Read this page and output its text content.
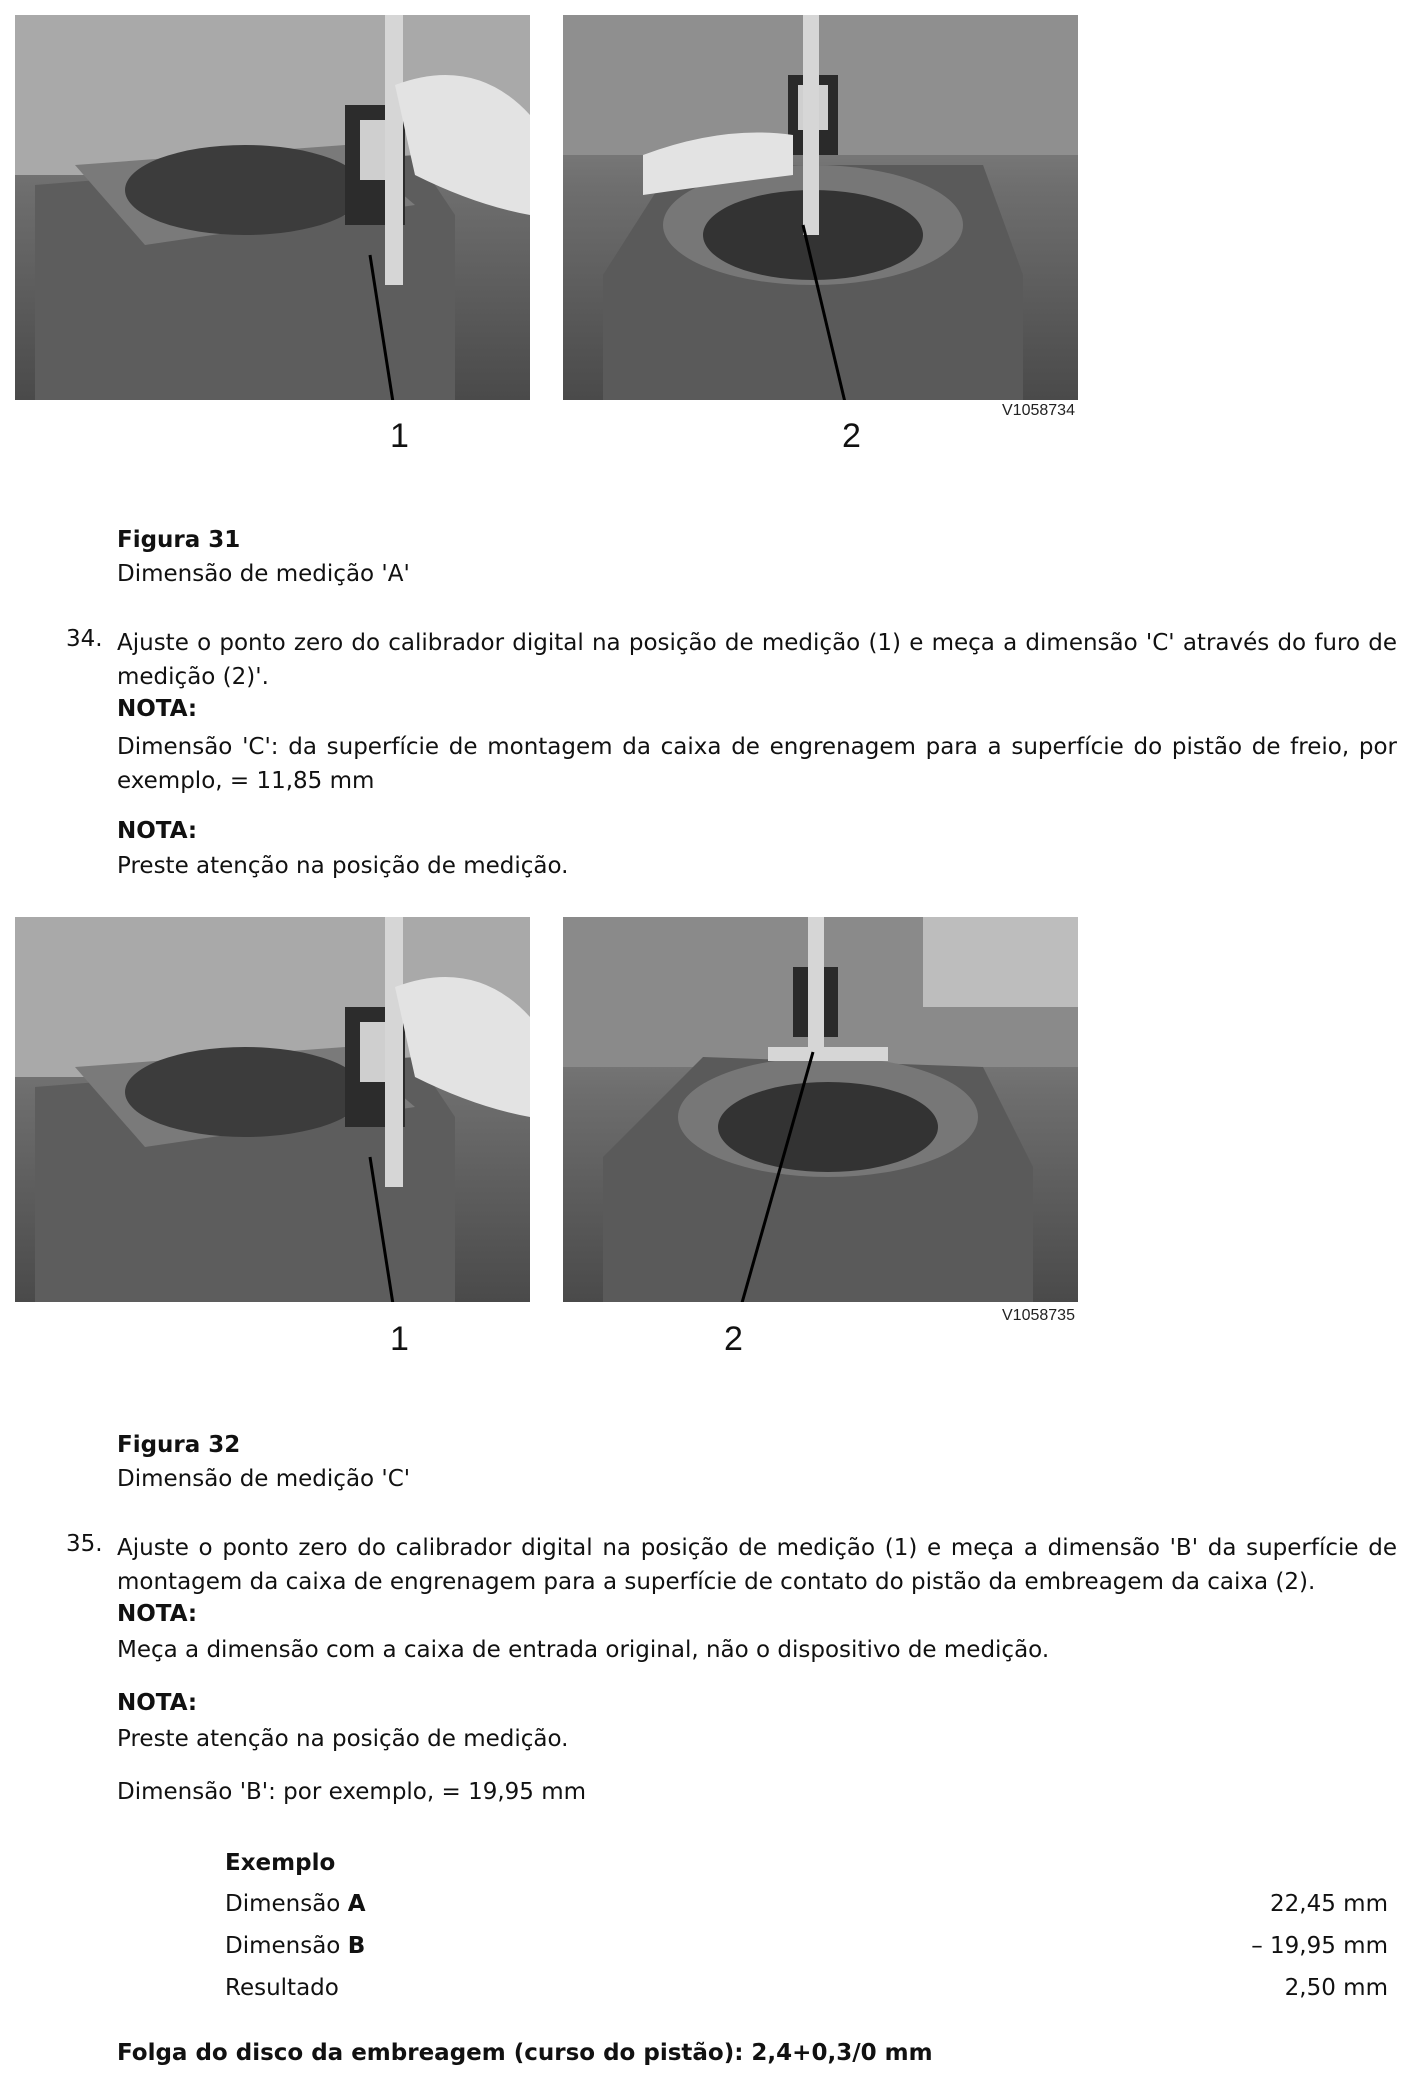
1	2
V1058734
Figura 31
Dimensão de medição 'A'
34. Ajuste o ponto zero do calibrador digital na posição de medição (1) e meça a dimensão 'C' através do furo de medição (2)'.
NOTA:
Dimensão 'C': da superfície de montagem da caixa de engrenagem para a superfície do pistão de freio, por exemplo, = 11,85 mm
NOTA:
Preste atenção na posição de medição.
1	2
V1058735
Figura 32
Dimensão de medição 'C'
35. Ajuste o ponto zero do calibrador digital na posição de medição (1) e meça a dimensão 'B' da superfície de montagem da caixa de engrenagem para a superfície de contato do pistão da embreagem da caixa (2).
NOTA:
Meça a dimensão com a caixa de entrada original, não o dispositivo de medição.
NOTA:
Preste atenção na posição de medição.
Dimensão 'B': por exemplo, = 19,95 mm
Exemplo
Dimensão A	22,45 mm
Dimensão B	– 19,95 mm
Resultado	2,50 mm
Folga do disco da embreagem (curso do pistão): 2,4+0,3/0 mm
